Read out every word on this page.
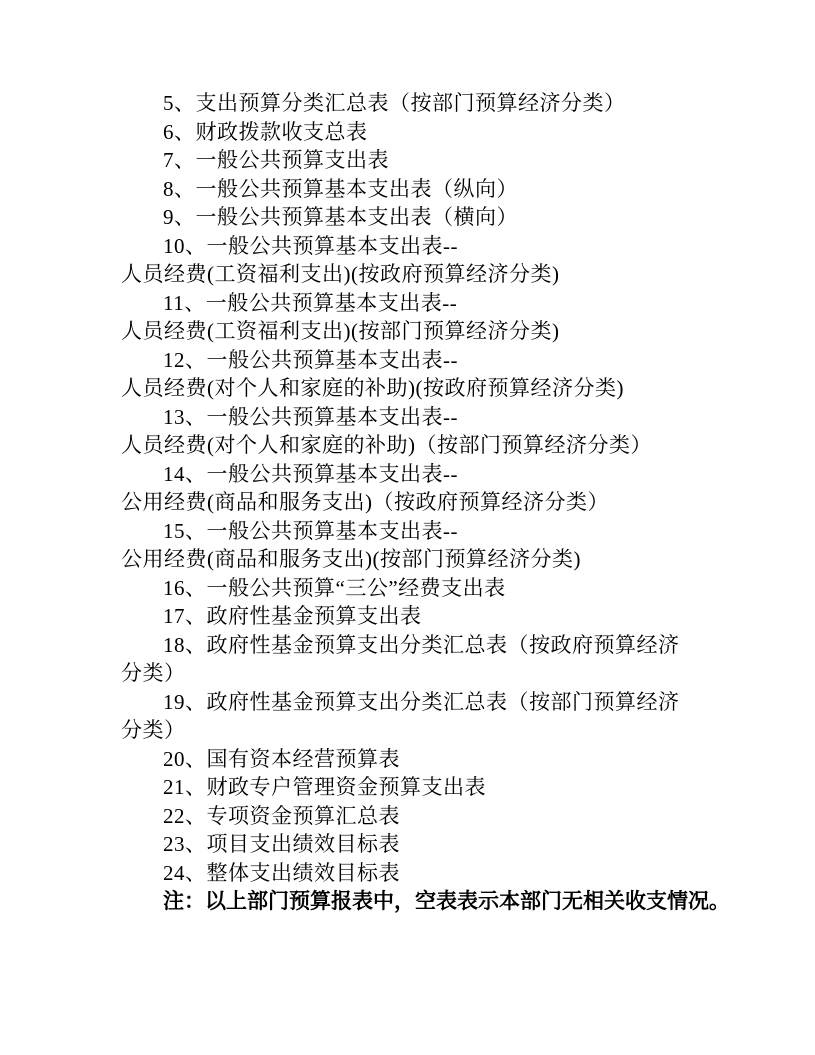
5、支出预算分类汇总表（按部门预算经济分类）
6、财政拨款收支总表
7、一般公共预算支出表
8、一般公共预算基本支出表（纵向）
9、一般公共预算基本支出表（横向）
10、一般公共预算基本支出表--
人员经费(工资福利支出)(按政府预算经济分类)
11、一般公共预算基本支出表--
人员经费(工资福利支出)(按部门预算经济分类)
12、一般公共预算基本支出表--
人员经费(对个人和家庭的补助)(按政府预算经济分类)
13、一般公共预算基本支出表--
人员经费(对个人和家庭的补助)（按部门预算经济分类）
14、一般公共预算基本支出表--
公用经费(商品和服务支出)（按政府预算经济分类）
15、一般公共预算基本支出表--
公用经费(商品和服务支出)(按部门预算经济分类)
16、一般公共预算“三公”经费支出表
17、政府性基金预算支出表
18、政府性基金预算支出分类汇总表（按政府预算经济
分类）
19、政府性基金预算支出分类汇总表（按部门预算经济
分类）
20、国有资本经营预算表
21、财政专户管理资金预算支出表
22、专项资金预算汇总表
23、项目支出绩效目标表
24、整体支出绩效目标表
注：以上部门预算报表中，空表表示本部门无相关收支情况。
